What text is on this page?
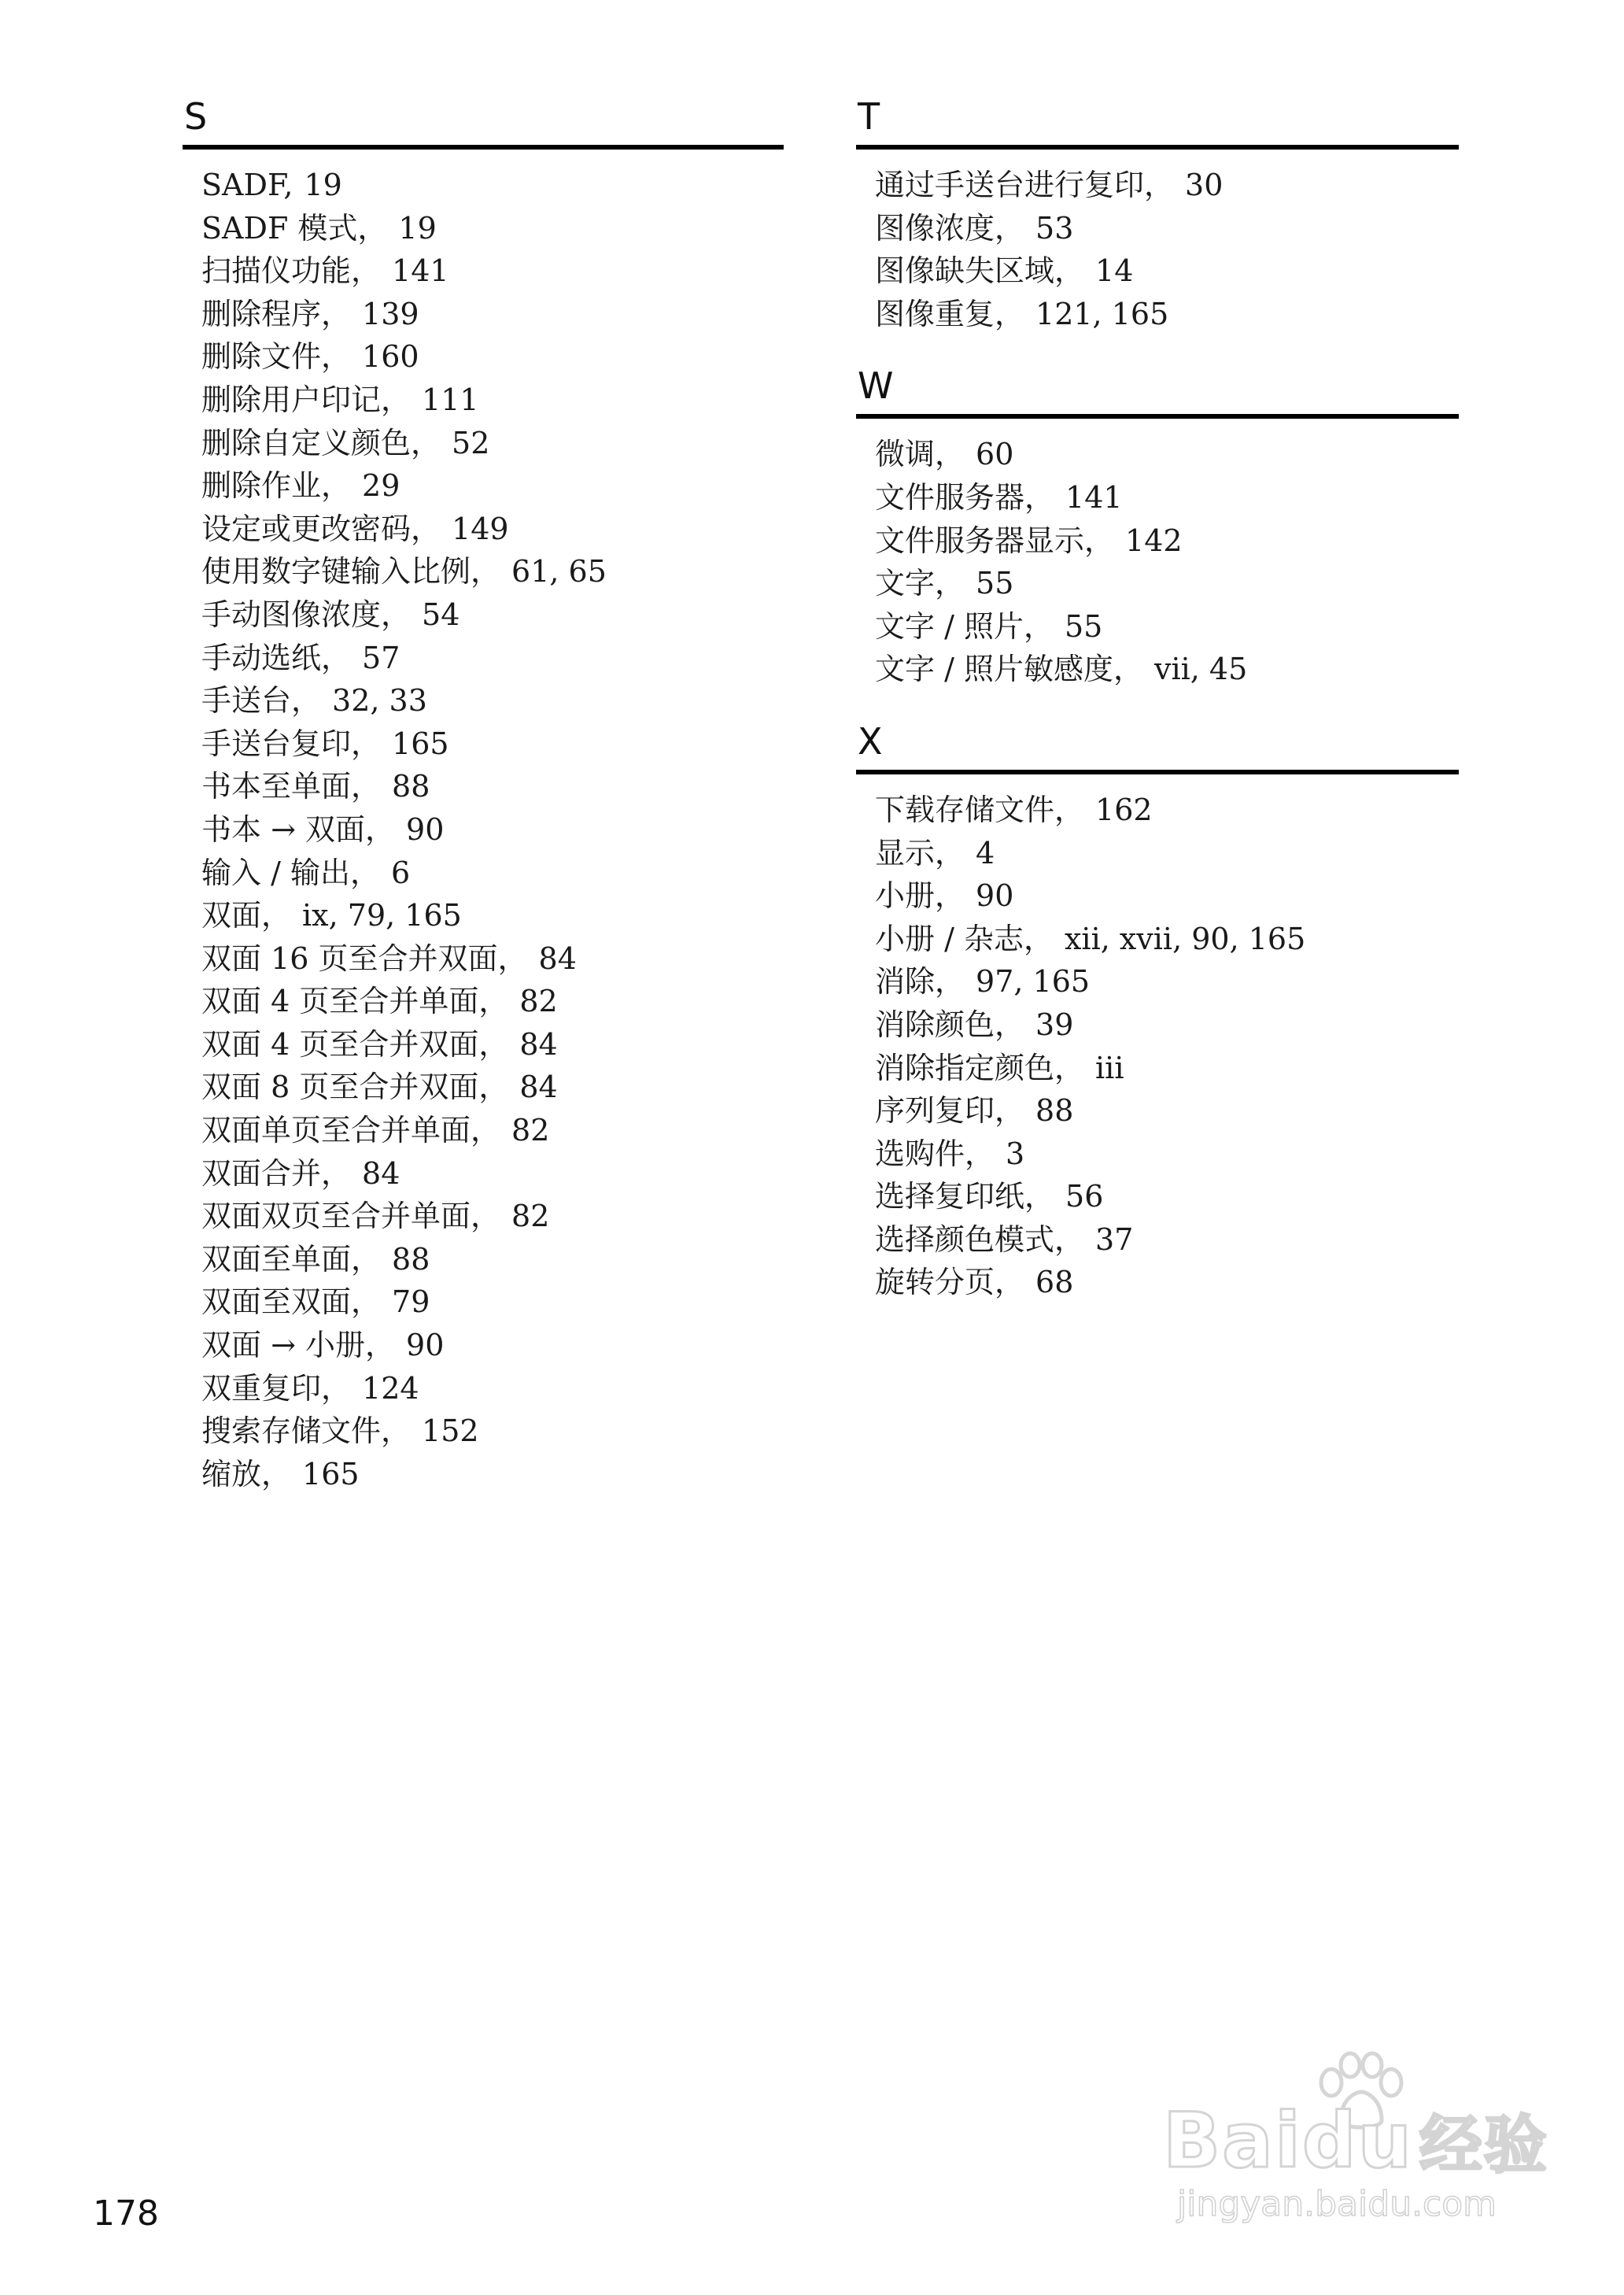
S
SADF, 19
SADF 模式， 19
扫描仪功能， 141
删除程序， 139
删除文件， 160
删除用户印记， 111
删除自定义颜色， 52
删除作业， 29
设定或更改密码， 149
使用数字键输入比例， 61, 65
手动图像浓度， 54
手动选纸， 57
手送台， 32, 33
手送台复印， 165
书本至单面， 88
书本 → 双面， 90
输入 / 输出， 6
双面， ix, 79, 165
双面 16 页至合并双面， 84
双面 4 页至合并单面， 82
双面 4 页至合并双面， 84
双面 8 页至合并双面， 84
双面单页至合并单面， 82
双面合并， 84
双面双页至合并单面， 82
双面至单面， 88
双面至双面， 79
双面 → 小册， 90
双重复印， 124
搜索存储文件， 152
缩放， 165
T
通过手送台进行复印， 30
图像浓度， 53
图像缺失区域， 14
图像重复， 121, 165
W
微调， 60
文件服务器， 141
文件服务器显示， 142
文字， 55
文字 / 照片， 55
文字 / 照片敏感度， vii, 45
X
下载存储文件， 162
显示， 4
小册， 90
小册 / 杂志， xii, xvii, 90, 165
消除， 97, 165
消除颜色， 39
消除指定颜色， iii
序列复印， 88
选购件， 3
选择复印纸， 56
选择颜色模式， 37
旋转分页， 68
178
Baidu 经验
jingyan.baidu.com
